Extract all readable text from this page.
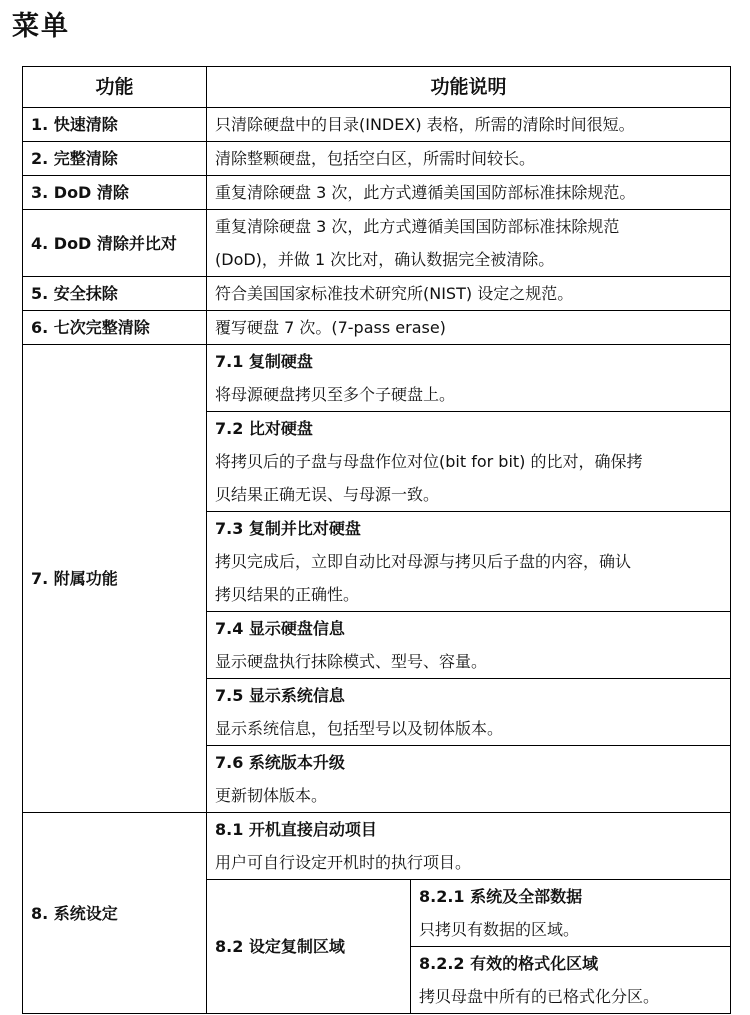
菜单
功能	功能说明	
1. 快速清除	只清除硬盘中的目录(INDEX) 表格，所需的清除时间很短。	
2. 完整清除	清除整颗硬盘，包括空白区，所需时间较长。	
3. DoD 清除	重复清除硬盘 3 次，此方式遵循美国国防部标准抹除规范。	
4. DoD 清除并比对	重复清除硬盘 3 次，此方式遵循美国国防部标准抹除规范
(DoD)，并做 1 次比对，确认数据完全被清除。	

5. 安全抹除	符合美国国家标准技术研究所(NIST) 设定之规范。	
6. 七次完整清除	覆写硬盘 7 次。(7-pass erase)	
7. 附属功能	7.1 复制硬盘
将母源硬盘拷贝至多个子硬盘上。	

	7.2 比对硬盘
将拷贝后的子盘与母盘作位对位(bit for bit) 的比对，确保拷
贝结果正确无误、与母源一致。	

	7.3 复制并比对硬盘
拷贝完成后，立即自动比对母源与拷贝后子盘的内容，确认
拷贝结果的正确性。	

	7.4 显示硬盘信息
显示硬盘执行抹除模式、型号、容量。	

	7.5 显示系统信息
显示系统信息，包括型号以及韧体版本。	

	7.6 系统版本升级
更新韧体版本。	

8. 系统设定	8.1 开机直接启动项目
用户可自行设定开机时的执行项目。	

	8.2 设定复制区域	8.2.1 系统及全部数据
只拷贝有数据的区域。
8.2.2 有效的格式化区域
拷贝母盘中所有的已格式化分区。
